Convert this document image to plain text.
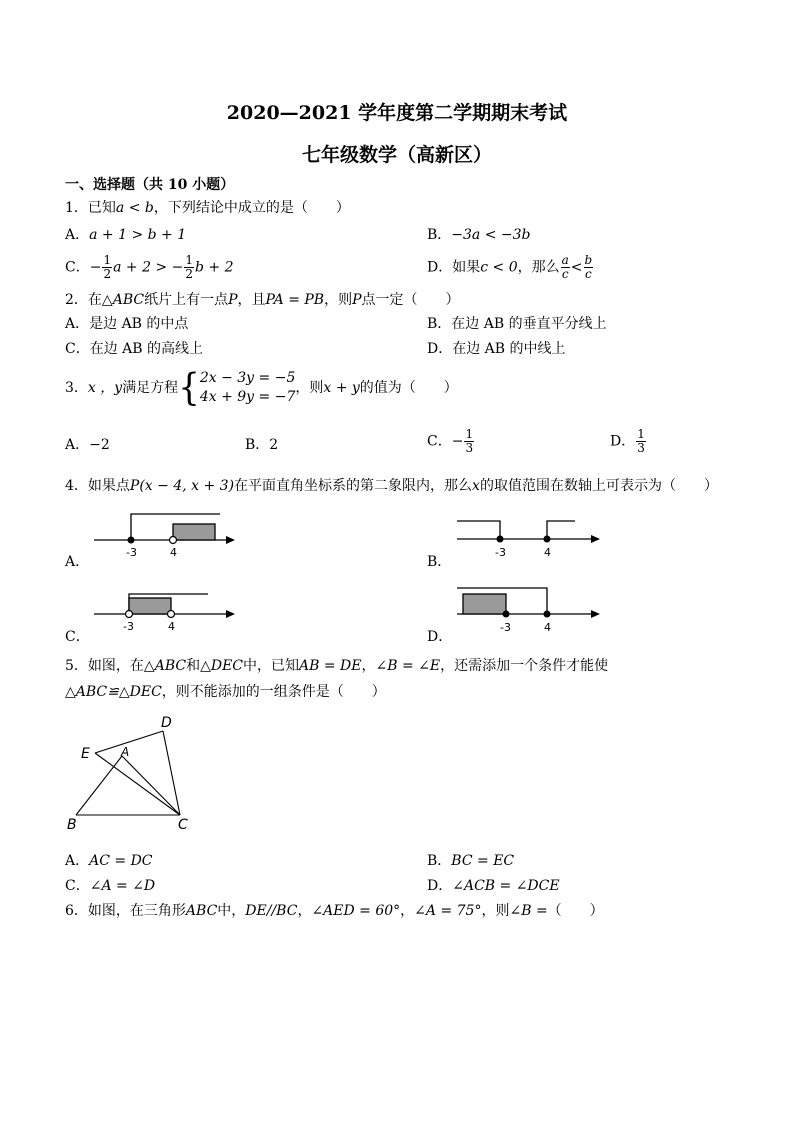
2020—2021 学年度第二学期期末考试
七年级数学（高新区）
一、选择题（共 10 小题）
1．已知a < b，下列结论中成立的是（　　）
A．a + 1 > b + 1	B．−3a < −3b
C．− $\frac{1}{2}$ a + 2 > − $\frac{1}{2}$ b + 2	D．如果c < 0，那么 $\frac{a}{c} < \frac{b}{c}$
2．在△ABC纸片上有一点P，且PA = PB，则P点一定（　　）
A．是边 AB 的中点	B．在边 AB 的垂直平分线上
C．在边 AB 的高线上	D．在边 AB 的中线上
3．x ，y满足方程{ 2x − 3y = −5
4x + 9y = −7
，则x + y的值为（　　）
A．−2	B．2	C．− $\frac{1}{3}$	D． $\frac{1}{3}$
4．如果点P(x − 4, x + 3)在平面直角坐标系的第二象限内，那么x的取值范围在数轴上可表示为（　　）
A．
-3	4
B．
-3	4
C．
-3	4
D．
-3	4
5．如图，在△ABC和△DEC中，已知AB = DE，∠B = ∠E，还需添加一个条件才能使
△ABC≌△DEC，则不能添加的一组条件是（　　）
D
E	A
B	C
A．AC = DC	B．BC = EC
C．∠A = ∠D	D．∠ACB = ∠DCE
6．如图，在三角形ABC中，DE//BC，∠AED = 60°，∠A = 75°，则∠B =（　　）
